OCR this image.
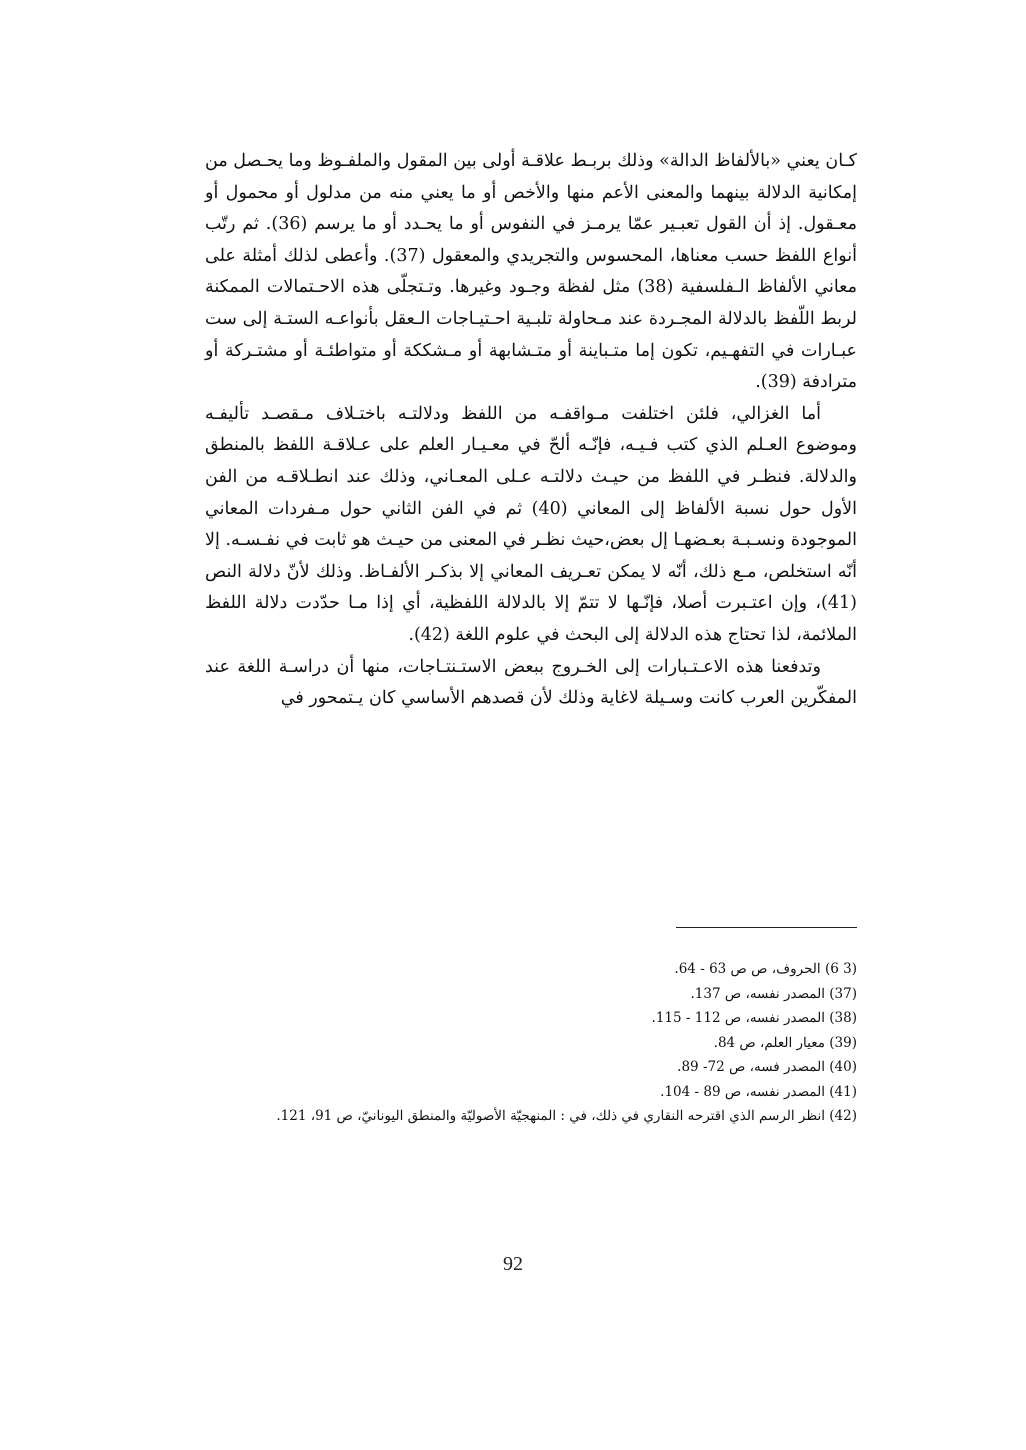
كـان يعني «بالألفاظ الدالة» وذلك بربـط علاقـة أولى بين المقول والملفـوظ وما يحـصل من إمكانية الدلالة بينهما والمعنى الأعم منها والأخص أو ما يعني منه من مدلول أو محمول أو معـقول. إذ أن القول تعبـير عمّا يرمـز في النفوس أو ما يحـدد أو ما يرسم (36). ثم رتّب أنواع اللفظ حسب معناها، المحسوس والتجريدي والمعقول (37). وأعطى لذلك أمثلة على معاني الألفاظ الـفلسفية (38) مثل لفظة وجـود وغيرها. وتـتجلّى هذه الاحـتمالات الممكنة لربط اللّفظ بالدلالة المجـردة عند مـحاولة تلبـية احـتيـاجات الـعقل بأنواعـه الستـة إلى ست عبـارات في التفهـيم، تكون إما متـباينة أو متـشابهة أو مـشككة أو متواطئـة أو مشتـركة أو مترادفة (39).

أما الغزالي، فلئن اختلفت مـواقفـه من اللفظ ودلالتـه باختـلاف مـقصـد تأليفـه وموضوع العـلم الذي كتب فـيـه، فإنّـه ألحّ في معـيـار العلم على عـلاقـة اللفظ بالمنطق والدلالة. فنظـر في اللفظ من حيـث دلالتـه عـلى المعـاني، وذلك عند انطـلاقـه من الفن الأول حول نسبة الألفاظ إلى المعاني (40) ثم في الفن الثاني حول مـفردات المعاني الموجودة ونسـبـة بعـضهـا إل بعض،حيث نظـر في المعنى من حيـث هو ثابت في نفـسـه. إلا أنّه استخلص، مـع ذلك، أنّه لا يمكن تعـريف المعاني إلا بذكـر الألفـاظ. وذلك لأنّ دلالة النص (41)، وإن اعتـبرت أصلا، فإنّـها لا تتمّ إلا بالدلالة اللفظية، أي إذا مـا حدّدت دلالة اللفظ الملائمة، لذا تحتاج هذه الدلالة إلى البحث في علوم اللغة (42).

وتدفعنا هذه الاعـتـبارات إلى الخـروج ببعض الاستـنتـاجات، منها أن دراسـة اللغة عند المفكّرين العرب كانت وسـيلة لاغاية وذلك لأن قصدهم الأساسي كان يـتمحور في

(3 6) الحروف، ص ص 63 - 64.

(37) المصدر نفسه، ص 137.

(38) المصدر نفسه، ص 112 - 115.

(39) معيار العلم، ص 84.

(40) المصدر فسه، ص 72- 89.

(41) المصدر نفسه، ص 89 - 104.

(42) انظر الرسم الذي اقترحه النقاري في ذلك، في : المنهجيّة الأصوليّة والمنطق اليونانيّ، ص 91، 121.

92
